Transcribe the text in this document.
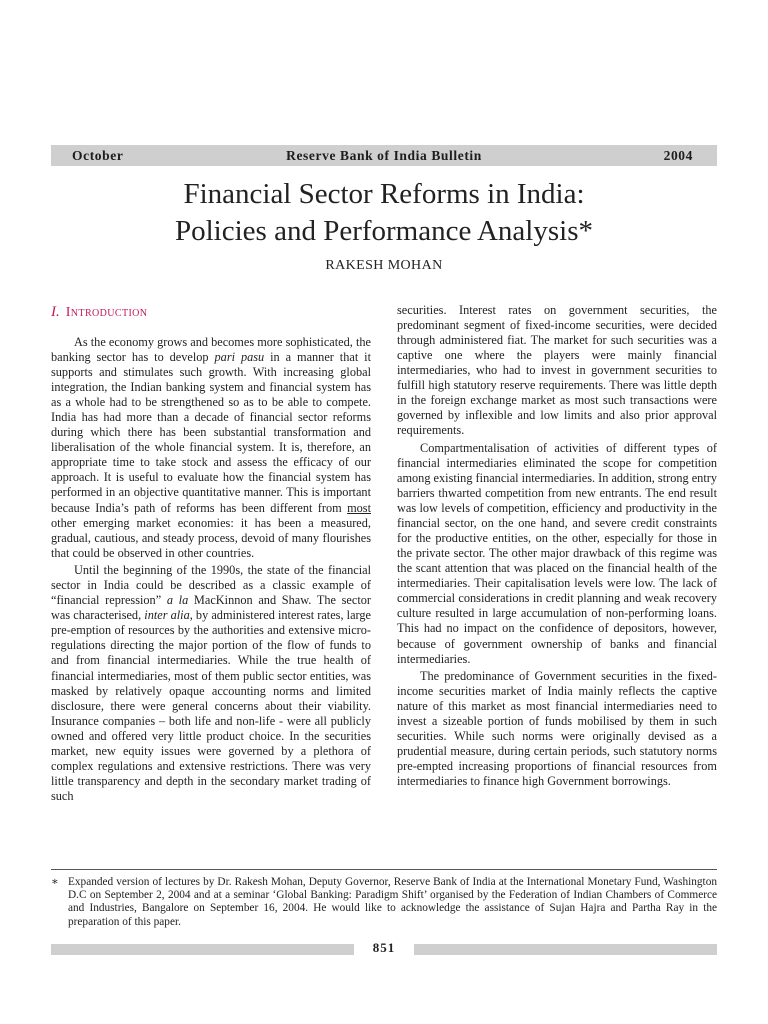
October	Reserve Bank of India Bulletin	2004
Financial Sector Reforms in India:
Policies and Performance Analysis*
RAKESH MOHAN
I. Introduction

As the economy grows and becomes more sophisticated, the banking sector has to develop pari pasu in a manner that it supports and stimulates such growth. With increasing global integration, the Indian banking system and financial system has as a whole had to be strengthened so as to be able to compete. India has had more than a decade of financial sector reforms during which there has been substantial transformation and liberalisation of the whole financial system. It is, therefore, an appropriate time to take stock and assess the efficacy of our approach. It is useful to evaluate how the financial system has performed in an objective quantitative manner. This is important because India’s path of reforms has been different from most other emerging market economies: it has been a measured, gradual, cautious, and steady process, devoid of many flourishes that could be observed in other countries.

Until the beginning of the 1990s, the state of the financial sector in India could be described as a classic example of “financial repression” a la MacKinnon and Shaw. The sector was characterised, inter alia, by administered interest rates, large pre-emption of resources by the authorities and extensive micro-regulations directing the major portion of the flow of funds to and from financial intermediaries. While the true health of financial intermediaries, most of them public sector entities, was masked by relatively opaque accounting norms and limited disclosure, there were general concerns about their viability. Insurance companies – both life and non-life - were all publicly owned and offered very little product choice. In the securities market, new equity issues were governed by a plethora of complex regulations and extensive restrictions. There was very little transparency and depth in the secondary market trading of such

securities. Interest rates on government securities, the predominant segment of fixed-income securities, were decided through administered fiat. The market for such securities was a captive one where the players were mainly financial intermediaries, who had to invest in government securities to fulfill high statutory reserve requirements. There was little depth in the foreign exchange market as most such transactions were governed by inflexible and low limits and also prior approval requirements.

Compartmentalisation of activities of different types of financial intermediaries eliminated the scope for competition among existing financial intermediaries. In addition, strong entry barriers thwarted competition from new entrants. The end result was low levels of competition, efficiency and productivity in the financial sector, on the one hand, and severe credit constraints for the productive entities, on the other, especially for those in the private sector. The other major drawback of this regime was the scant attention that was placed on the financial health of the intermediaries. Their capitalisation levels were low. The lack of commercial considerations in credit planning and weak recovery culture resulted in large accumulation of non-performing loans. This had no impact on the confidence of depositors, however, because of government ownership of banks and financial intermediaries.

The predominance of Government securities in the fixed-income securities market of India mainly reflects the captive nature of this market as most financial intermediaries need to invest a sizeable portion of funds mobilised by them in such securities. While such norms were originally devised as a prudential measure, during certain periods, such statutory norms pre-empted increasing proportions of financial resources from intermediaries to finance high Government borrowings.

∗ Expanded version of lectures by Dr. Rakesh Mohan, Deputy Governor, Reserve Bank of India at the International Monetary Fund, Washington D.C on September 2, 2004 and at a seminar ‘Global Banking: Paradigm Shift’ organised by the Federation of Indian Chambers of Commerce and Industries, Bangalore on September 16, 2004. He would like to acknowledge the assistance of Sujan Hajra and Partha Ray in the preparation of this paper.
851
